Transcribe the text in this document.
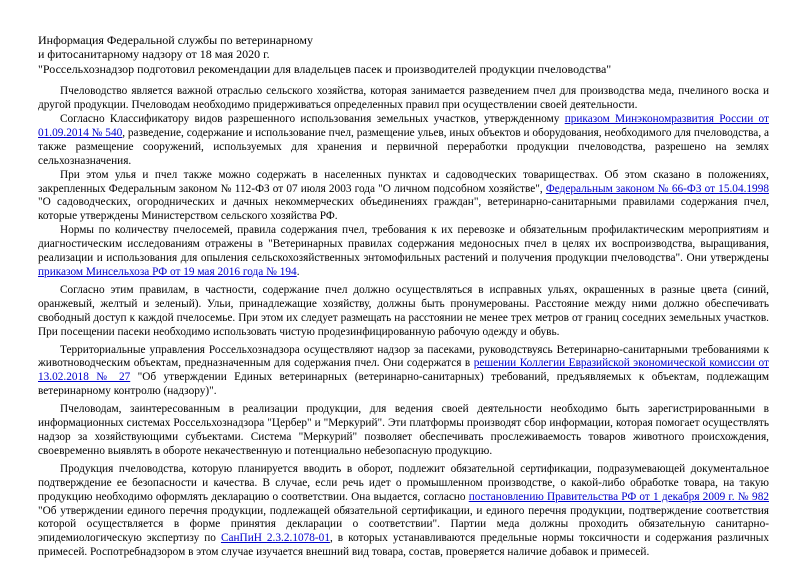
Информация Федеральной службы по ветеринарному
и фитосанитарному надзору от 18 мая 2020 г.
"Россельхознадзор подготовил рекомендации для владельцев пасек и производителей продукции пчеловодства"

Пчеловодство является важной отраслью сельского хозяйства, которая занимается разведением пчел для производства меда, пчелиного воска и другой продукции. Пчеловодам необходимо придерживаться определенных правил при осуществлении своей деятельности.

Согласно Классификатору видов разрешенного использования земельных участков, утвержденному приказом Минэкономразвития России от 01.09.2014 № 540, разведение, содержание и использование пчел, размещение ульев, иных объектов и оборудования, необходимого для пчеловодства, а также размещение сооружений, используемых для хранения и первичной переработки продукции пчеловодства, разрешено на землях сельхозназначения.

При этом улья и пчел также можно содержать в населенных пунктах и садоводческих товариществах. Об этом сказано в положениях, закрепленных Федеральным законом № 112-ФЗ от 07 июля 2003 года "О личном подсобном хозяйстве", Федеральным законом № 66-ФЗ от 15.04.1998 "О садоводческих, огороднических и дачных некоммерческих объединениях граждан", ветеринарно-санитарными правилами содержания пчел, которые утверждены Министерством сельского хозяйства РФ.

Нормы по количеству пчелосемей, правила содержания пчел, требования к их перевозке и обязательным профилактическим мероприятиям и диагностическим исследованиям отражены в "Ветеринарных правилах содержания медоносных пчел в целях их воспроизводства, выращивания, реализации и использования для опыления сельскохозяйственных энтомофильных растений и получения продукции пчеловодства". Они утверждены приказом Минсельхоза РФ от 19 мая 2016 года № 194.

Согласно этим правилам, в частности, содержание пчел должно осуществляться в исправных ульях, окрашенных в разные цвета (синий, оранжевый, желтый и зеленый). Ульи, принадлежащие хозяйству, должны быть пронумерованы. Расстояние между ними должно обеспечивать свободный доступ к каждой пчелосемье. При этом их следует размещать на расстоянии не менее трех метров от границ соседних земельных участков. При посещении пасеки необходимо использовать чистую продезинфицированную рабочую одежду и обувь.

Территориальные управления Россельхознадзора осуществляют надзор за пасеками, руководствуясь Ветеринарно-санитарными требованиями к животноводческим объектам, предназначенным для содержания пчел. Они содержатся в решении Коллегии Евразийской экономической комиссии от 13.02.2018 № 27 "Об утверждении Единых ветеринарных (ветеринарно-санитарных) требований, предъявляемых к объектам, подлежащим ветеринарному контролю (надзору)".

Пчеловодам, заинтересованным в реализации продукции, для ведения своей деятельности необходимо быть зарегистрированными в информационных системах Россельхознадзора "Цербер" и "Меркурий". Эти платформы производят сбор информации, которая помогает осуществлять надзор за хозяйствующими субъектами. Система "Меркурий" позволяет обеспечивать прослеживаемость товаров животного происхождения, своевременно выявлять в обороте некачественную и потенциально небезопасную продукцию.

Продукция пчеловодства, которую планируется вводить в оборот, подлежит обязательной сертификации, подразумевающей документальное подтверждение ее безопасности и качества. В случае, если речь идет о промышленном производстве, о какой-либо обработке товара, на такую продукцию необходимо оформлять декларацию о соответствии. Она выдается, согласно постановлению Правительства РФ от 1 декабря 2009 г. № 982 "Об утверждении единого перечня продукции, подлежащей обязательной сертификации, и единого перечня продукции, подтверждение соответствия которой осуществляется в форме принятия декларации о соответствии". Партии меда должны проходить обязательную санитарно-эпидемиологическую экспертизу по СанПиН 2.3.2.1078-01, в которых устанавливаются предельные нормы токсичности и содержания различных примесей. Роспотребнадзором в этом случае изучается внешний вид товара, состав, проверяется наличие добавок и примесей.
